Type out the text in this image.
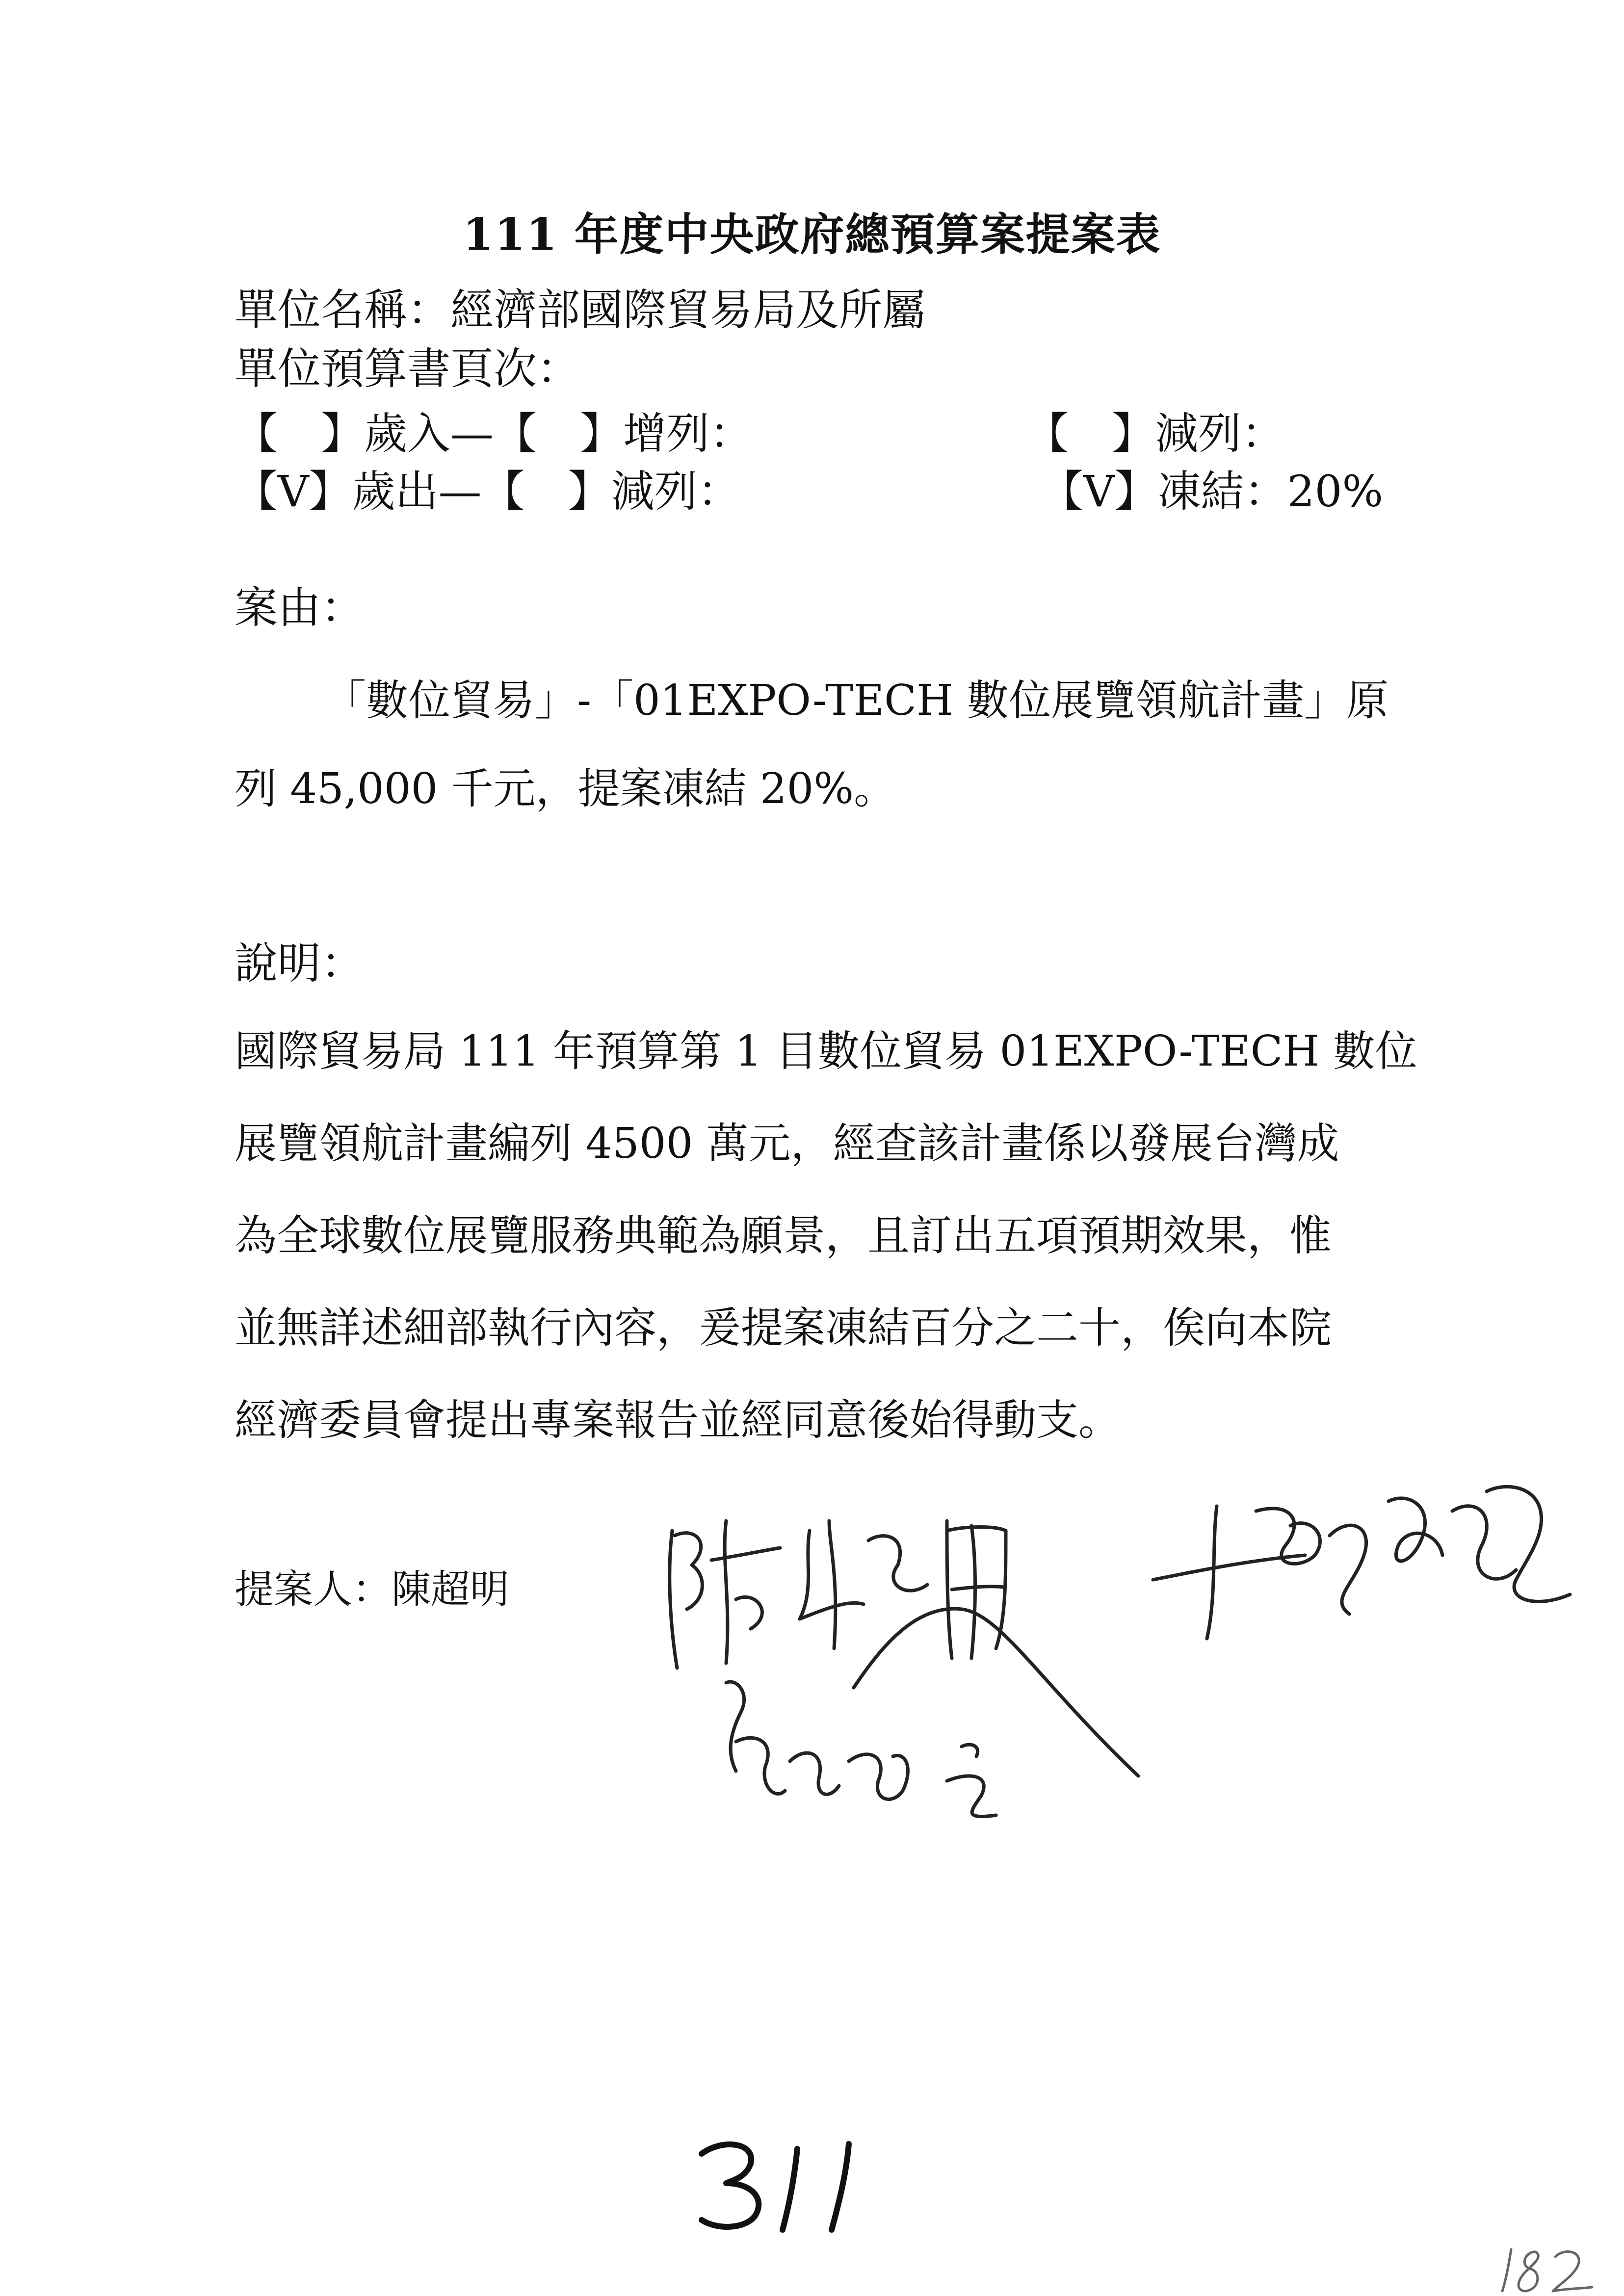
111 年度中央政府總預算案提案表
單位名稱：經濟部國際貿易局及所屬
單位預算書頁次：
【　】歲入—【　】增列：	【　】減列：
【V】歲出—【　】減列：	【V】凍結：20%
案由：
「數位貿易」-「01EXPO-TECH 數位展覽領航計畫」原
列 45,000 千元，提案凍結 20%。
說明：
國際貿易局 111 年預算第 1 目數位貿易 01EXPO-TECH 數位
展覽領航計畫編列 4500 萬元，經查該計畫係以發展台灣成
為全球數位展覽服務典範為願景，且訂出五項預期效果，惟
並無詳述細部執行內容，爰提案凍結百分之二十，俟向本院
經濟委員會提出專案報告並經同意後始得動支。
提案人：陳超明
